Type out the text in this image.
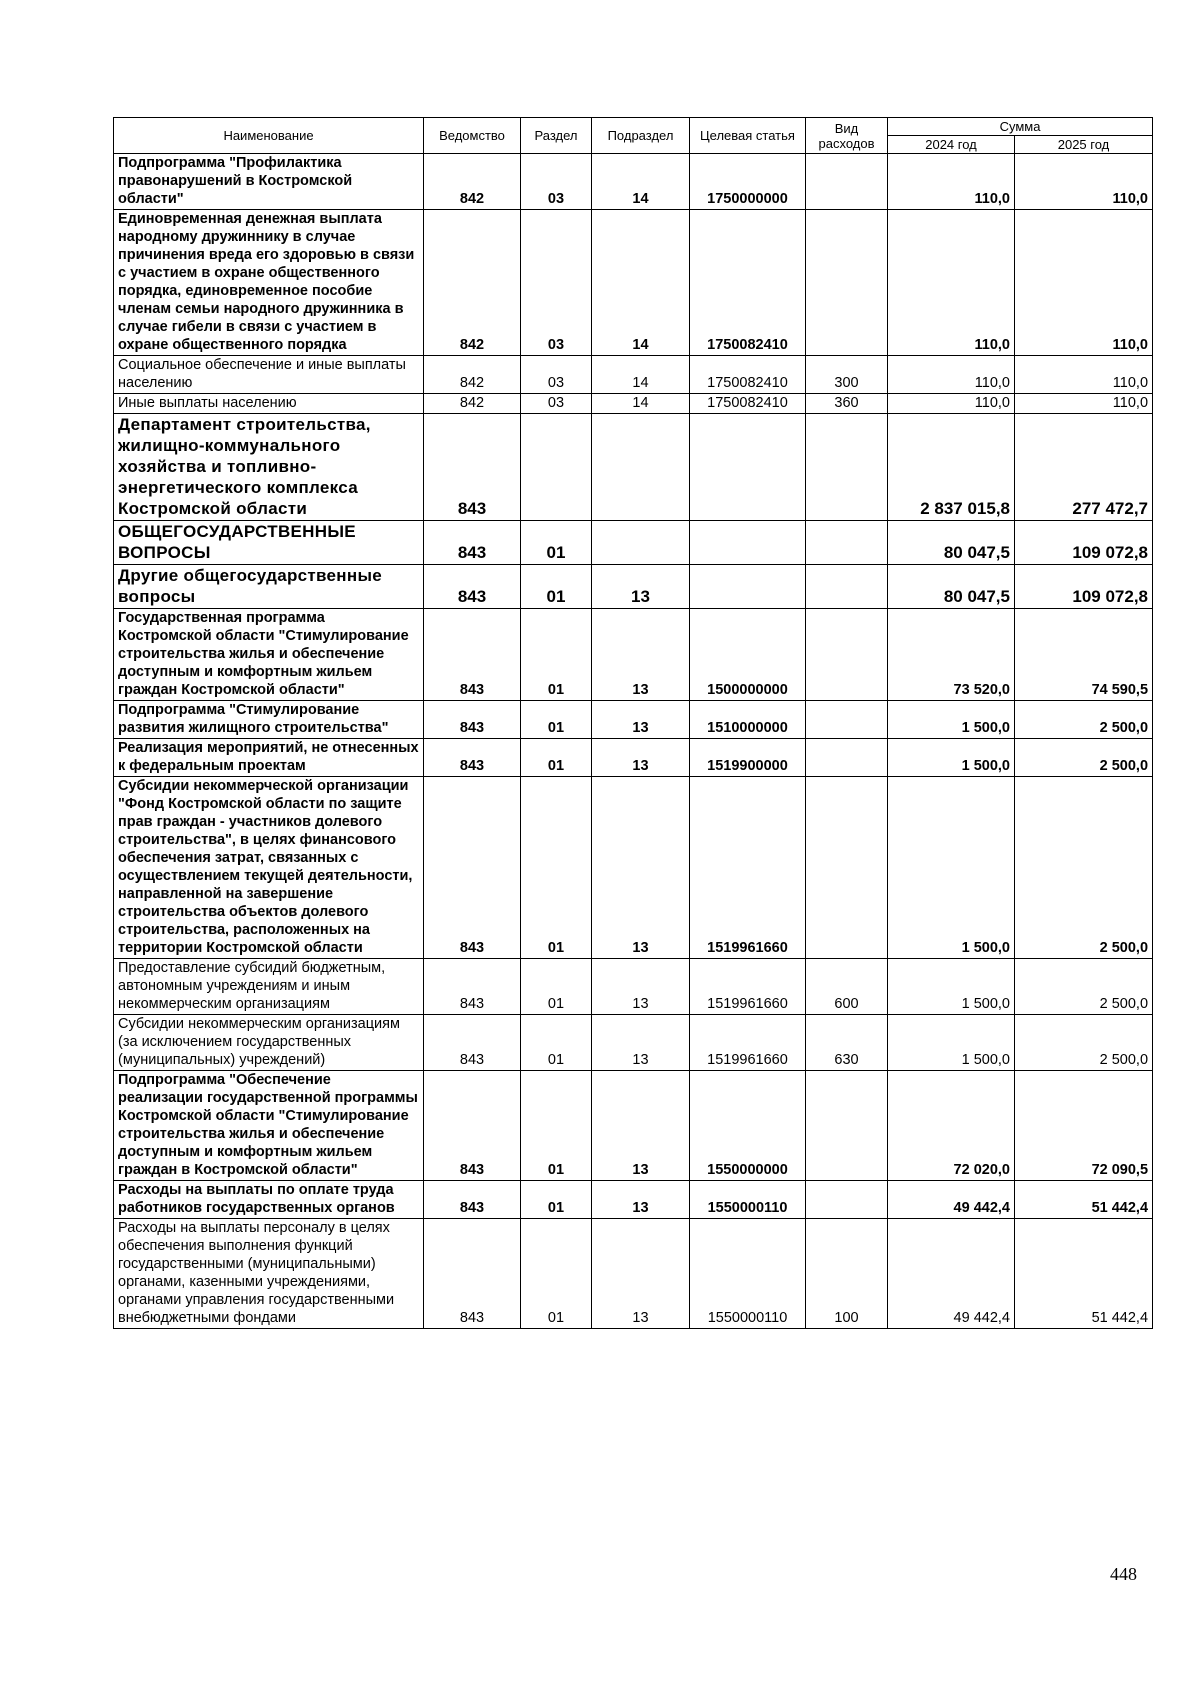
Наименование	Ведомство	Раздел	Подраздел	Целевая статья	Вид расходов	Сумма	
						2024 год	2025 год
Подпрограмма "Профилактика правонарушений в Костромской области"	842	03	14	1750000000		110,0	110,0
Единовременная денежная выплата народному дружиннику в случае причинения вреда его здоровью в связи с участием в охране общественного порядка, единовременное пособие членам семьи народного дружинника в случае гибели в связи с участием в охране общественного порядка	842	03	14	1750082410		110,0	110,0
Социальное обеспечение и иные выплаты населению	842	03	14	1750082410	300	110,0	110,0
Иные выплаты населению	842	03	14	1750082410	360	110,0	110,0
Департамент строительства, жилищно-коммунального хозяйства и топливно-энергетического комплекса Костромской области	843					2 837 015,8	277 472,7
ОБЩЕГОСУДАРСТВЕННЫЕ ВОПРОСЫ	843	01				80 047,5	109 072,8
Другие общегосударственные вопросы	843	01	13			80 047,5	109 072,8
Государственная программа Костромской области "Стимулирование строительства жилья и обеспечение доступным и комфортным жильем граждан Костромской области"	843	01	13	1500000000		73 520,0	74 590,5
Подпрограмма "Стимулирование развития жилищного строительства"	843	01	13	1510000000		1 500,0	2 500,0
Реализация мероприятий, не отнесенных к федеральным проектам	843	01	13	1519900000		1 500,0	2 500,0
Субсидии некоммерческой организации "Фонд Костромской области по защите прав граждан - участников долевого строительства", в целях финансового обеспечения затрат, связанных с осуществлением текущей деятельности, направленной на завершение строительства объектов долевого строительства, расположенных на территории Костромской области	843	01	13	1519961660		1 500,0	2 500,0
Предоставление субсидий бюджетным, автономным учреждениям и иным некоммерческим организациям	843	01	13	1519961660	600	1 500,0	2 500,0
Субсидии некоммерческим организациям (за исключением государственных (муниципальных) учреждений)	843	01	13	1519961660	630	1 500,0	2 500,0
Подпрограмма "Обеспечение реализации государственной программы Костромской области "Стимулирование строительства жилья и обеспечение доступным и комфортным жильем граждан в Костромской области"	843	01	13	1550000000		72 020,0	72 090,5
Расходы на выплаты по оплате труда работников государственных органов	843	01	13	1550000110		49 442,4	51 442,4
Расходы на выплаты персоналу в целях обеспечения выполнения функций государственными (муниципальными) органами, казенными учреждениями, органами управления государственными внебюджетными фондами	843	01	13	1550000110	100	49 442,4	51 442,4
448
